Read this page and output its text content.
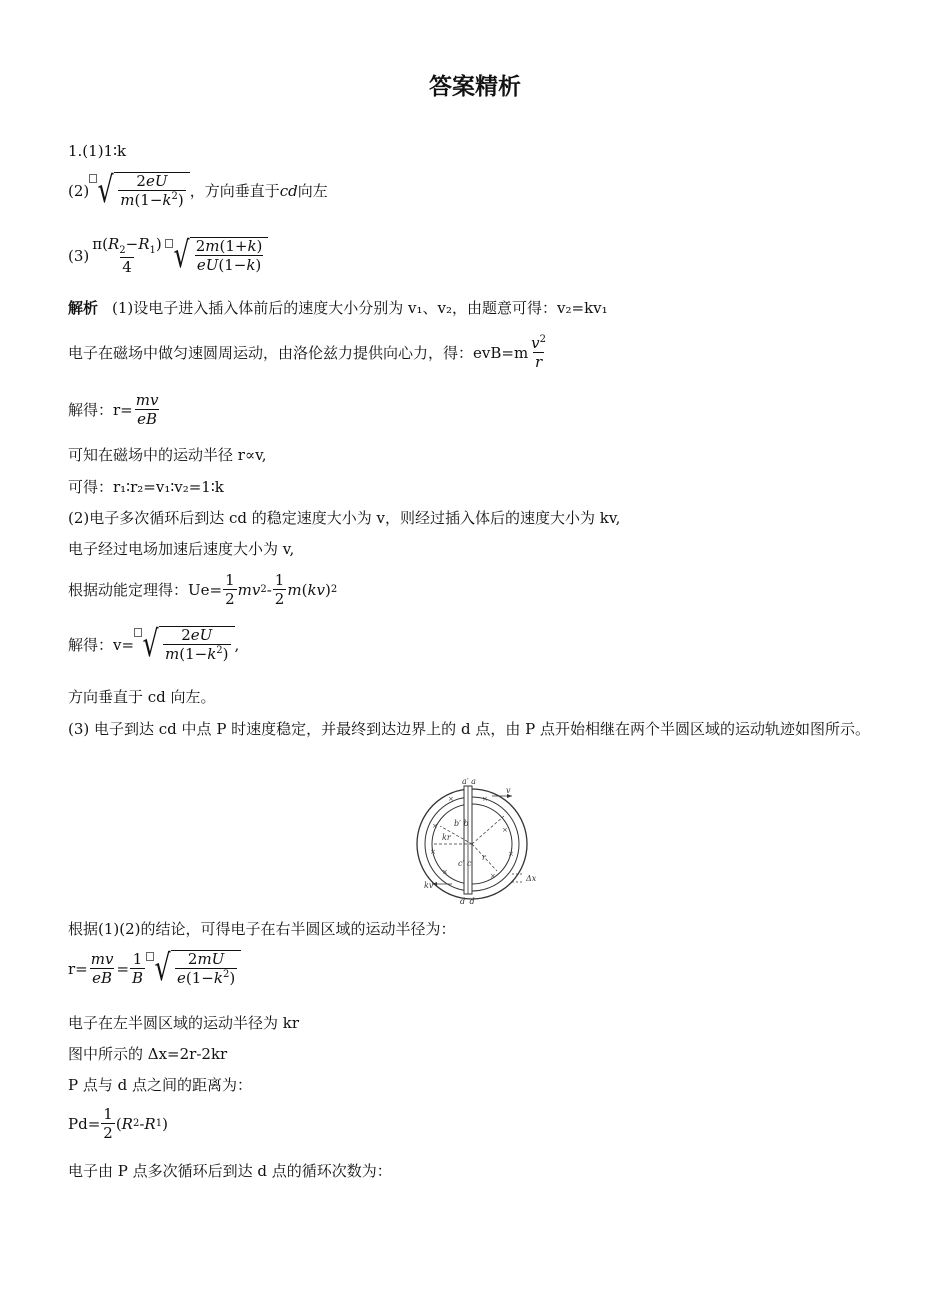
答案精析
1.(1)1∶k
(2) √ $\frac{2eU}{m(1-k^2)}$ ，方向垂直于 cd 向左
$(3) \frac{\pi(R_2-R_1)}{4}$ √ $\frac{2m(1+k)}{eU(1-k)}$
解析 (1)设电子进入插入体前后的速度大小分别为 v₁、v₂，由题意可得：v₂=kv₁
电子在磁场中做匀速圆周运动，由洛伦兹力提供向心力，得：$evB=m \frac{v^2}{r}$
解得：$r= \frac{mv}{eB}$
可知在磁场中的运动半径 r∝v,
可得：r₁∶r₂=v₁∶v₂=1∶k
(2)电子多次循环后到达 cd 的稳定速度大小为 v，则经过插入体后的速度大小为 kv,
电子经过电场加速后速度大小为 v,
根据动能定理得：$Ue= \frac{1}{2}$ mv $2 - \frac{1}{2}$ m ( kv ) 2
解得：v= √ $\frac{2eU}{m(1-k^2)}$ ,
方向垂直于 cd 向左。
(3) 电子到达 cd 中点 P 时速度稳定，并最终到达边界上的 d 点，由 P 点开始相继在两个半圆区域的运动轨迹如图所示。
a′ a
v
b′ b
kr
r
c′ c
kv
Δx
d′ d
×	×
×	×
×	×
×	×
根据(1)(2)的结论，可得电子在右半圆区域的运动半径为：
$r= \frac{mv}{eB} = \frac{1}{B}$ √ $\frac{2mU}{e(1-k^2)}$
电子在左半圆区域的运动半径为 kr
图中所示的 Δx=2r-2kr
P 点与 d 点之间的距离为：
$Pd= \frac{1}{2}$ ( R 2 - R 1 )
电子由 P 点多次循环后到达 d 点的循环次数为：
